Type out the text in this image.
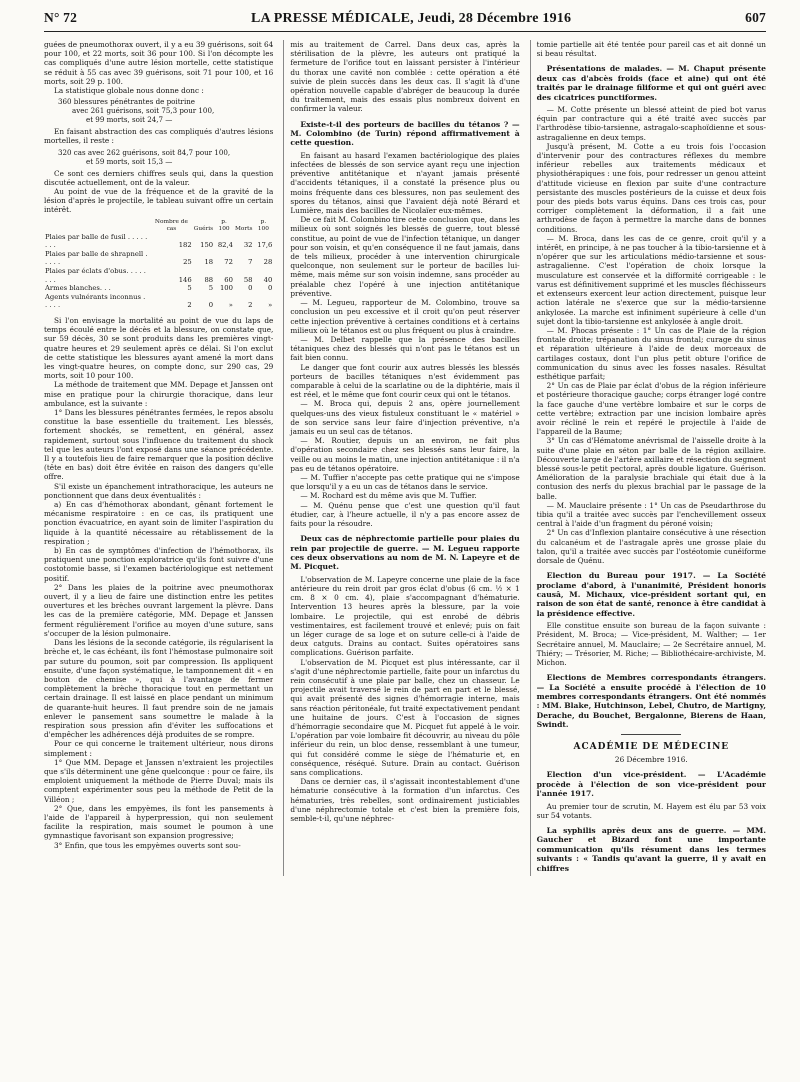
N° 72	LA PRESSE MÉDICALE, Jeudi, 28 Décembre 1916	607

guées de pneumothorax ouvert, il y a eu 39 guérisons, soit 64 pour 100, et 22 morts, soit 36 pour 100. Si l'on décompte les cas compliqués d'une autre lésion mortelle, cette statistique se réduit à 55 cas avec 39 guérisons, soit 71 pour 100, et 16 morts, soit 29 p. 100.

La statistique globale nous donne donc :

360 blessures pénétrantes de poitrine
avec 261 guérisons, soit 75,3 pour 100,
et 99 morts, soit 24,7 —

En faisant abstraction des cas compliqués d'autres lésions mortelles, il reste :

320 cas avec 262 guérisons, soit 84,7 pour 100,
et 59 morts, soit 15,3 —

Ce sont ces derniers chiffres seuls qui, dans la question discutée actuellement, ont de la valeur.

Au point de vue de la fréquence et de la gravité de la lésion d'après le projectile, le tableau suivant offre un certain intérêt.

	Nombre de cas	Guéris	p. 100	Morts	p. 100
Plaies par balle de fusil . . . . . . . .	182	150	82,4	32	17,6
Plaies par balle de shrapnell . . . . .	25	18	72	7	28
Plaies par éclats d'obus. . . . . . . .	146	88	60	58	40
Armes blanches. . .	5	5	100	0	0
Agents vulnérants inconnus . . . . .	2	0	»	2	»

Si l'on envisage la mortalité au point de vue du laps de temps écoulé entre le décès et la blessure, on constate que, sur 59 décès, 30 se sont produits dans les premières vingt-quatre heures et 29 seulement après ce délai. Si l'on exclut de cette statistique les blessures ayant amené la mort dans les vingt-quatre heures, on compte donc, sur 290 cas, 29 morts, soit 10 pour 100.

La méthode de traitement que MM. Depage et Janssen ont mise en pratique pour la chirurgie thoracique, dans leur ambulance, est la suivante :

1° Dans les blessures pénétrantes fermées, le repos absolu constitue la base essentielle du traitement. Les blessés, fortement shockés, se remettent, en général, assez rapidement, surtout sous l'influence du traitement du shock tel que les auteurs l'ont exposé dans une séance précédente. Il y a toutefois lieu de faire remarquer que la position déclive (tête en bas) doit être évitée en raison des dangers qu'elle offre.

S'il existe un épanchement intrathoracique, les auteurs ne ponctionnent que dans deux éventualités :

a) En cas d'hémothorax abondant, gênant fortement le mécanisme respiratoire : en ce cas, ils pratiquent une ponction évacuatrice, en ayant soin de limiter l'aspiration du liquide à la quantité nécessaire au rétablissement de la respiration ;

b) En cas de symptômes d'infection de l'hémothorax, ils pratiquent une ponction exploratrice qu'ils font suivre d'une costotomie basse, si l'examen bactériologique est nettement positif.

2° Dans les plaies de la poitrine avec pneumothorax ouvert, il y a lieu de faire une distinction entre les petites ouvertures et les brèches ouvrant largement la plèvre. Dans les cas de la première catégorie, MM. Depage et Janssen ferment régulièrement l'orifice au moyen d'une suture, sans s'occuper de la lésion pulmonaire.

Dans les lésions de la seconde catégorie, ils régularisent la brèche et, le cas échéant, ils font l'hémostase pulmonaire soit par suture du poumon, soit par compression. Ils appliquent ensuite, d'une façon systématique, le tamponnement dit « en bouton de chemise », qui à l'avantage de fermer complètement la brèche thoracique tout en permettant un certain drainage. Il est laissé en place pendant un minimum de quarante-huit heures. Il faut prendre soin de ne jamais enlever le pansement sans soumettre le malade à la respiration sous pression afin d'éviter les suffocations et d'empêcher les adhérences déjà produites de se rompre.

Pour ce qui concerne le traitement ultérieur, nous dirons simplement :

1° Que MM. Depage et Janssen n'extraient les projectiles que s'ils déterminent une gêne quelconque : pour ce faire, ils emploient uniquement la méthode de Pierre Duval; mais ils comptent expérimenter sous peu la méthode de Petit de la Villéon ;

2° Que, dans les empyèmes, ils font les pansements à l'aide de l'appareil à hyperpression, qui non seulement facilite la respiration, mais soumet le poumon à une gymnastique favorisant son expansion progressive;

3° Enfin, que tous les empyèmes ouverts sont sou-

mis au traitement de Carrel. Dans deux cas, après la stérilisation de la plèvre, les auteurs ont pratiqué la fermeture de l'orifice tout en laissant persister à l'intérieur du thorax une cavité non comblée : cette opération a été suivie de plein succès dans les deux cas. Il s'agit là d'une opération nouvelle capable d'abréger de beaucoup la durée du traitement, mais des essais plus nombreux doivent en confirmer la valeur.

Existe-t-il des porteurs de bacilles du tétanos ? — M. Colombino (de Turin) répond affirmativement à cette question.

En faisant au hasard l'examen bactériologique des plaies infectées de blessés de son service ayant reçu une injection préventive antitétanique et n'ayant jamais présenté d'accidents tétaniques, il a constaté la présence plus ou moins fréquente dans ces blessures, non pas seulement des spores du tétanos, ainsi que l'avaient déjà noté Bérard et Lumière, mais des bacilles de Nicolaïer eux-mêmes.

De ce fait M. Colombino tire cette conclusion que, dans les milieux où sont soignés les blessés de guerre, tout blessé constitue, au point de vue de l'infection tétanique, un danger pour son voisin, et qu'en conséquence il ne faut jamais, dans de tels milieux, procéder à une intervention chirurgicale quelconque, non seulement sur le porteur de bacilles lui-même, mais même sur son voisin indemne, sans procéder au préalable chez l'opéré à une injection antitétanique préventive.

— M. Legueu, rapporteur de M. Colombino, trouve sa conclusion un peu excessive et il croit qu'on peut réserver cette injection préventive à certaines conditions et à certains milieux où le tétanos est ou plus fréquent ou plus à craindre.

— M. Delbet rappelle que la présence des bacilles tétaniques chez des blessés qui n'ont pas le tétanos est un fait bien connu.

Le danger que font courir aux autres blessés les blessés porteurs de bacilles tétaniques n'est évidemment pas comparable à celui de la scarlatine ou de la diphtérie, mais il est réel, et le même que font courir ceux qui ont le tétanos.

— M. Broca qui, depuis 2 ans, opère journellement quelques-uns des vieux fistuleux constituant le « matériel » de son service sans leur faire d'injection préventive, n'a jamais eu un seul cas de tétanos.

— M. Routier, depuis un an environ, ne fait plus d'opération secondaire chez ses blessés sans leur faire, la veille ou au moins le matin, une injection antitétanique : il n'a pas eu de tétanos opératoire.

— M. Tuffier n'accepte pas cette pratique qui ne s'impose que lorsqu'il y a eu un cas de tétanos dans le service.

— M. Rochard est du même avis que M. Tuffier.

— M. Quénu pense que c'est une question qu'il faut étudier, car, à l'heure actuelle, il n'y a pas encore assez de faits pour la résoudre.

Deux cas de néphrectomie partielle pour plaies du rein par projectile de guerre. — M. Legueu rapporte ces deux observations au nom de M. N. Lapeyre et de M. Picquet.

L'observation de M. Lapeyre concerne une plaie de la face antérieure du rein droit par gros éclat d'obus (6 cm. ½ × 1 cm. 8 × 0 cm. 4), plaie s'accompagnant d'hématurie. Intervention 13 heures après la blessure, par la voie lombaire. Le projectile, qui est enrobé de débris vestimentaires, est facilement trouvé et enlevé; puis on fait un léger curage de sa loge et on suture celle-ci à l'aide de deux catguts. Drains au contact. Suites opératoires sans complications. Guérison parfaite.

L'observation de M. Picquet est plus intéressante, car il s'agit d'une néphrectomie partielle, faite pour un infarctus du rein consécutif à une plaie par balle, chez un chasseur. Le projectile avait traversé le rein de part en part et le blessé, qui avait présenté des signes d'hémorragie interne, mais sans réaction péritonéale, fut traité expectativement pendant une huitaine de jours. C'est à l'occasion de signes d'hémorragie secondaire que M. Picquet fut appelé à le voir. L'opération par voie lombaire fit découvrir, au niveau du pôle inférieur du rein, un bloc dense, ressemblant à une tumeur, qui fut considéré comme le siège de l'hématurie et, en conséquence, réséqué. Suture. Drain au contact. Guérison sans complications.

Dans ce dernier cas, il s'agissait incontestablement d'une hématurie consécutive à la formation d'un infarctus. Ces hématuries, très rebelles, sont ordinairement justiciables d'une néphrectomie totale et c'est bien la première fois, semble-t-il, qu'une néphrec-

tomie partielle ait été tentée pour pareil cas et ait donné un si beau résultat.

Présentations de malades. — M. Chaput présente deux cas d'abcès froids (face et aine) qui ont été traités par le drainage filiforme et qui ont guéri avec des cicatrices punctiformes.

— M. Cotte présente un blessé atteint de pied bot varus équin par contracture qui a été traité avec succès par l'arthrodèse tibio-tarsienne, astragalo-scaphoïdienne et sous-astragalienne en deux temps.

Jusqu'à présent, M. Cotte a eu trois fois l'occasion d'intervenir pour des contractures réflexes du membre inférieur rebelles aux traitements médicaux et physiothérapiques : une fois, pour redresser un genou atteint d'attitude vicieuse en flexion par suite d'une contracture persistante des muscles postérieurs de la cuisse et deux fois pour des pieds bots varus équins. Dans ces trois cas, pour corriger complètement la déformation, il a fait une arthrodèse de façon à permettre la marche dans de bonnes conditions.

— M. Broca, dans les cas de ce genre, croit qu'il y a intérêt, en principe, à ne pas toucher à la tibio-tarsienne et à n'opérer que sur les articulations médio-tarsienne et sous-astragalienne. C'est l'opération de choix lorsque la musculature est conservée et la difformité corrigeable : le varus est définitivement supprimé et les muscles fléchisseurs et extenseurs exercent leur action directement, puisque leur action latérale ne s'exerce que sur la médio-tarsienne ankylosée. La marche est infiniment supérieure à celle d'un sujet dont la tibio-tarsienne est ankylosée à angle droit.

— M. Phocas présente : 1° Un cas de Plaie de la région frontale droite; trépanation du sinus frontal; curage du sinus et réparation ultérieure à l'aide de deux morceaux de cartilages costaux, dont l'un plus petit obture l'orifice de communication du sinus avec les fosses nasales. Résultat esthétique parfait;

2° Un cas de Plaie par éclat d'obus de la région inférieure et postérieure thoracique gauche; corps étranger logé contre la face gauche d'une vertèbre lombaire et sur le corps de cette vertèbre; extraction par une incision lombaire après avoir récliné le rein et repéré le projectile à l'aide de l'appareil de la Baume;

3° Un cas d'Hématome anévrismal de l'aisselle droite à la suite d'une plaie en séton par balle de la région axillaire. Découverte large de l'artère axillaire et résection du segment blessé sous-le petit pectoral, après double ligature. Guérison. Amélioration de la paralysie brachiale qui était due à la contusion des nerfs du plexus brachial par le passage de la balle.

— M. Mauclaire présente : 1° Un cas de Pseudarthrose du tibia qu'il a traitée avec succès par l'enchevillement osseux central à l'aide d'un fragment du péroné voisin;

2° Un cas d'Inflexion plantaire consécutive à une résection du calcanéum et de l'astragale après une grosse plaie du talon, qu'il a traitée avec succès par l'ostéotomie cunéiforme dorsale de Quénu.

Election du Bureau pour 1917. — La Société proclame d'abord, à l'unanimité, Président honoris causâ, M. Michaux, vice-président sortant qui, en raison de son état de santé, renonce à être candidat à la présidence effective.

Elle constitue ensuite son bureau de la façon suivante : Président, M. Broca; — Vice-président, M. Walther; — 1er Secrétaire annuel, M. Mauclaire; — 2e Secrétaire annuel, M. Thiéry; — Trésorier, M. Riche; — Bibliothécaire-archiviste, M. Michon.

Elections de Membres correspondants étrangers. — La Société a ensuite procédé à l'élection de 10 membres correspondants étrangers. Ont été nommés : MM. Blake, Hutchinson, Lebel, Chutro, de Martigny, Derache, du Bouchet, Bergalonne, Bierens de Haan, Swindt.
ACADÉMIE DE MÉDECINE

26 Décembre 1916.

Election d'un vice-président. — L'Académie procède à l'élection de son vice-président pour l'année 1917.

Au premier tour de scrutin, M. Hayem est élu par 53 voix sur 54 votants.

La syphilis après deux ans de guerre. — MM. Gaucher et Bizard font une importante communication qu'ils résument dans les termes suivants : « Tandis qu'avant la guerre, il y avait en chiffres
